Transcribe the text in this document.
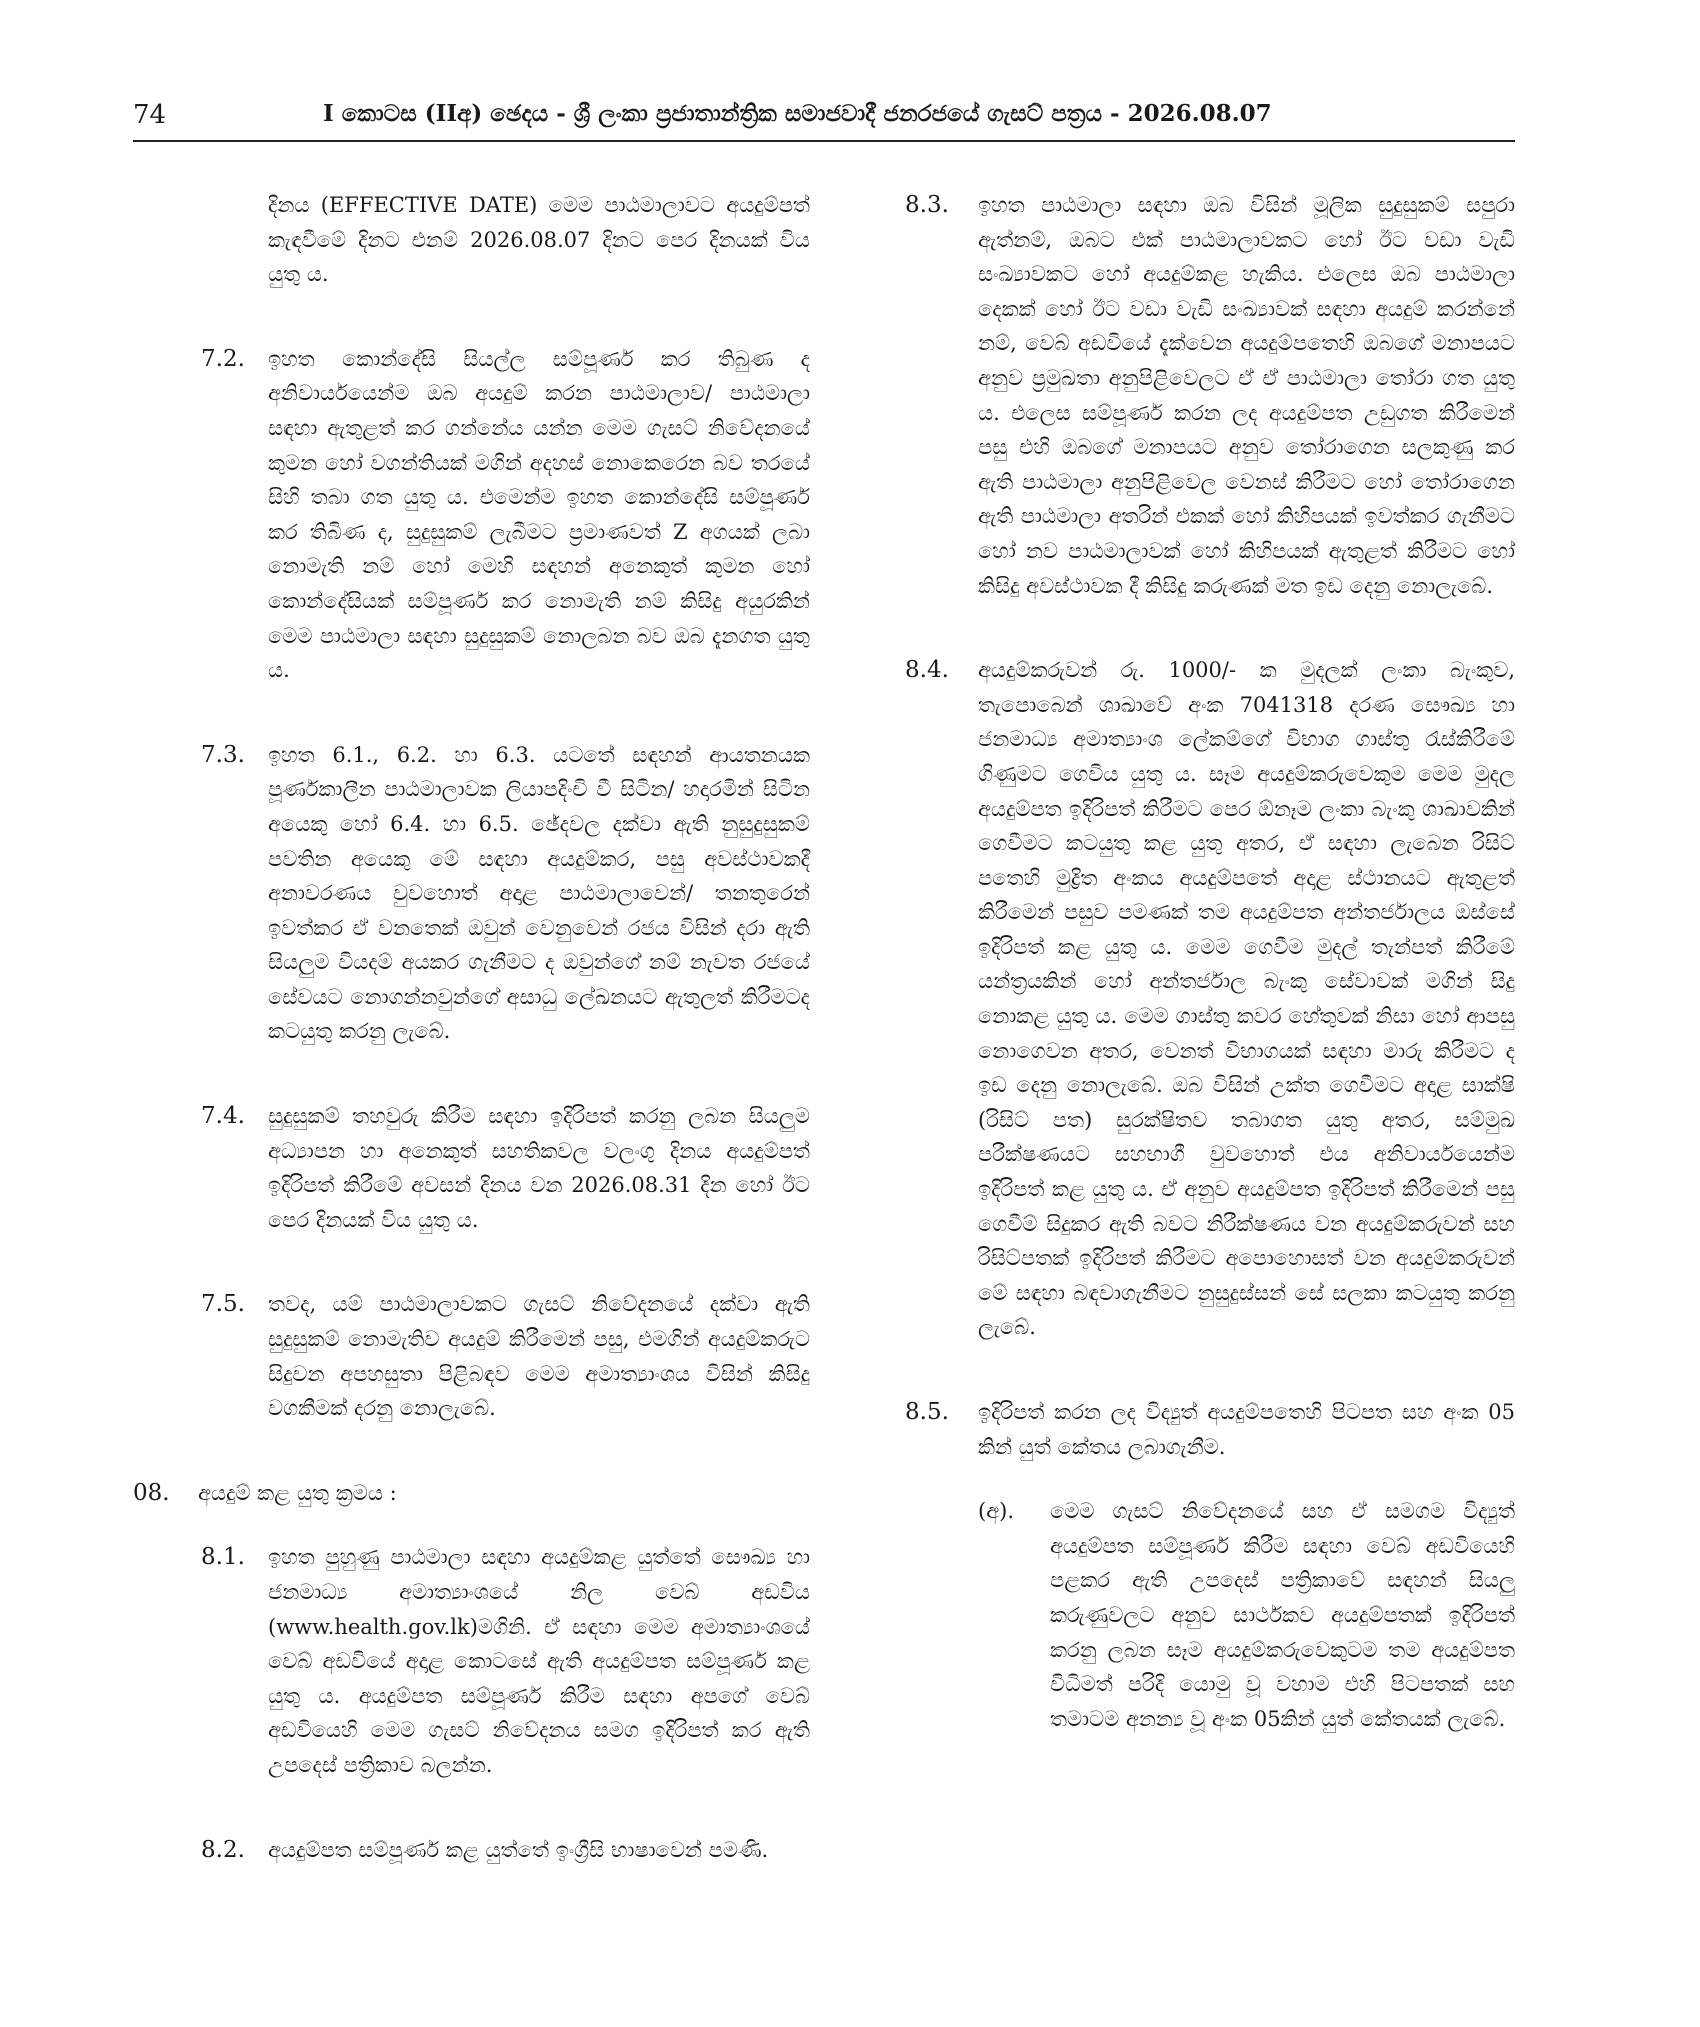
74	I කොටස (IIඅ) ඡෙදය - ශ්‍රී ලංකා ප්‍රජාතාන්ත්‍රික සමාජවාදී ජනරජයේ ගැසට් පත්‍රය - 2026.08.07

දිනය (EFFECTIVE DATE) මෙම පාඨමාලාවට අයදුම්පත් කැඳවීමේ දිනට එනම් 2026.08.07 දිනට පෙර දිනයක් විය යුතු ය.

7.2. ඉහත කොන්දේසි සියල්ල සම්පූර්ණ කර තිබුණ ද අනිවාර්යයෙන්ම ඔබ අයදුම් කරන පාඨමාලාව/ පාඨමාලා සඳහා ඇතුළත් කර ගන්නේය යන්න මෙම ගැසට් නිවේදනයේ කුමන හෝ වගන්තියක් මගින් අදහස් නොකෙරෙන බව තරයේ සිහි තබා ගත යුතු ය. එමෙන්ම ඉහත කොන්දේසි සම්පූර්ණ කර තිබිණ ද, සුදුසුකම් ලැබීමට ප්‍රමාණවත් Z අගයක් ලබා නොමැති නම් හෝ මෙහි සඳහන් අනෙකුත් කුමන හෝ කොන්දේසියක් සම්පූර්ණ කර නොමැති නම් කිසිදු අයුරකින් මෙම පාඨමාලා සඳහා සුදුසුකම් නොලබන බව ඔබ දැනගත යුතු ය.

7.3. ඉහත 6.1., 6.2. හා 6.3. යටතේ සඳහන් ආයතනයක පූර්ණකාලීන පාඨමාලාවක ලියාපදිංචි වී සිටින/ හදාරමින් සිටින අයෙකු හෝ 6.4. හා 6.5. ඡේදවල දක්වා ඇති නුසුදුසුකම් පවතින අයෙකු මේ සඳහා අයදුම්කර, පසු අවස්ථාවකදී අනාවරණය වුවහොත් අදාළ පාඨමාලාවෙන්/ තනතුරෙන් ඉවත්කර ඒ වනතෙක් ඔවුන් වෙනුවෙන් රජය විසින් දරා ඇති සියලුම වියදම් අයකර ගැනීමට ද ඔවුන්ගේ නම් නැවත රජයේ සේවයට නොගන්නවුන්ගේ අසාධු ලේඛනයට ඇතුලත් කිරීමටද කටයුතු කරනු ලැබේ.

7.4. සුදුසුකම් තහවුරු කිරීම සඳහා ඉදිරිපත් කරනු ලබන සියලුම අධ්‍යාපන හා අනෙකුත් සහතිකවල වලංගු දිනය අයදුම්පත් ඉදිරිපත් කිරීමේ අවසන් දිනය වන 2026.08.31 දින හෝ ඊට පෙර දිනයක් විය යුතු ය.

7.5. තවද, යම් පාඨමාලාවකට ගැසට් නිවේදනයේ දක්වා ඇති සුදුසුකම් නොමැතිව අයදුම් කිරීමෙන් පසු, එමගින් අයදුම්කරුට සිදුවන අපහසුතා පිළිබඳව මෙම අමාත්‍යාංශය විසින් කිසිදු වගකීමක් දරනු නොලැබේ.

08. අයදුම් කළ යුතු ක්‍රමය :

8.1. ඉහත පුහුණු පාඨමාලා සඳහා අයදුම්කළ යුත්තේ සෞඛ්‍ය හා ජනමාධ්‍ය අමාත්‍යාංශයේ නිල වෙබ් අඩවිය (www.health.gov.lk)මගිනි. ඒ සඳහා මෙම අමාත්‍යාංශයේ වෙබ් අඩවියේ අදාළ කොටසේ ඇති අයදුම්පත සම්පූර්ණ කළ යුතු ය. අයදුම්පත සම්පූර්ණ කිරීම සඳහා අපගේ වෙබ් අඩවියෙහි මෙම ගැසට් නිවේදනය සමග ඉදිරිපත් කර ඇති උපදෙස් පත්‍රිකාව බලන්න.

8.2. අයදුම්පත සම්පූර්ණ කළ යුත්තේ ඉංග්‍රීසි භාෂාවෙන් පමණි.

8.3. ඉහත පාඨමාලා සඳහා ඔබ විසින් මූලික සුදුසුකම් සපුරා ඇත්නම්, ඔබට එක් පාඨමාලාවකට හෝ ඊට වඩා වැඩි සංඛ්‍යාවකට හෝ අයදුම්කළ හැකිය. එලෙස ඔබ පාඨමාලා දෙකක් හෝ ඊට වඩා වැඩි සංඛ්‍යාවක් සඳහා අයදුම් කරන්නේ නම්, වෙබ් අඩවියේ දැක්වෙන අයදුම්පතෙහි ඔබගේ මනාපයට අනුව ප්‍රමුඛතා අනුපිළිවෙලට ඒ ඒ පාඨමාලා තෝරා ගත යුතු ය. එලෙස සම්පූර්ණ කරන ලද අයදුම්පත උඩුගත කිරීමෙන් පසු එහි ඔබගේ මනාපයට අනුව තෝරාගෙන සලකුණු කර ඇති පාඨමාලා අනුපිළිවෙල වෙනස් කිරීමට හෝ තෝරාගෙන ඇති පාඨමාලා අතරින් එකක් හෝ කිහිපයක් ඉවත්කර ගැනීමට හෝ නව පාඨමාලාවක් හෝ කිහිපයක් ඇතුළත් කිරීමට හෝ කිසිදු අවස්ථාවක දී කිසිදු කරුණක් මත ඉඩ දෙනු නොලැබේ.

8.4. අයදුම්කරුවන් රු. 1000/- ක මුදලක් ලංකා බැංකුව, තැපොබෙන් ශාඛාවේ අංක 7041318 දරණ සෞඛ්‍ය හා ජනමාධ්‍ය අමාත්‍යාංශ ලේකම්ගේ විභාග ගාස්තු රැස්කිරීමේ ගිණුමට ගෙවිය යුතු ය. සෑම අයදුම්කරුවෙකුම මෙම මුදල අයදුම්පත ඉදිරිපත් කිරීමට පෙර ඕනෑම ලංකා බැංකු ශාඛාවකින් ගෙවීමට කටයුතු කළ යුතු අතර, ඒ සඳහා ලැබෙන රිසිට් පතෙහි මුද්‍රිත අංකය අයදුම්පතේ අදාළ ස්ථානයට ඇතුළත් කිරීමෙන් පසුව පමණක් තම අයදුම්පත අන්තර්ජාලය ඔස්සේ ඉදිරිපත් කළ යුතු ය. මෙම ගෙවීම මුදල් තැන්පත් කිරීමේ යන්ත්‍රයකින් හෝ අන්තර්ජාල බැංකු සේවාවක් මගින් සිදු නොකළ යුතු ය. මෙම ගාස්තු කවර හේතුවක් නිසා හෝ ආපසු නොගෙවන අතර, වෙනත් විභාගයක් සඳහා මාරු කිරීමට ද ඉඩ දෙනු නොලැබේ. ඔබ විසින් උක්ත ගෙවීමට අදාළ සාක්ෂි (රිසිට් පත) සුරක්ෂිතව තබාගත යුතු අතර, සම්මුඛ පරීක්ෂණයට සහභාගී වුවහොත් එය අනිවාර්යයෙන්ම ඉදිරිපත් කළ යුතු ය. ඒ අනුව අයදුම්පත ඉදිරිපත් කිරීමෙන් පසු ගෙවීම් සිදුකර ඇති බවට නිරීක්ෂණය වන අයදුම්කරුවන් සහ රිසිට්පතක් ඉදිරිපත් කිරීමට අපොහොසත් වන අයදුම්කරුවන් මේ සඳහා බඳවාගැනීමට නුසුදුස්සන් සේ සලකා කටයුතු කරනු ලැබේ.

8.5. ඉදිරිපත් කරන ලද විද්‍යුත් අයදුම්පතෙහි පිටපත සහ අංක 05 කින් යුත් කේතය ලබාගැනීම.

(අ). මෙම ගැසට් නිවේදනයේ සහ ඒ සමගම විද්‍යුත් අයදුම්පත සම්පූර්ණ කිරීම සඳහා වෙබ් අඩවියෙහි පළකර ඇති උපදෙස් පත්‍රිකාවේ සඳහන් සියලු කරුණුවලට අනුව සාර්ථකව අයදුම්පතක් ඉදිරිපත් කරනු ලබන සෑම අයදුම්කරුවෙකුටම තම අයදුම්පත විධිමත් පරිදි යොමු වූ වහාම එහි පිටපතක් සහ තමාටම අනන්‍ය වූ අංක 05කින් යුත් කේතයක් ලැබේ.
